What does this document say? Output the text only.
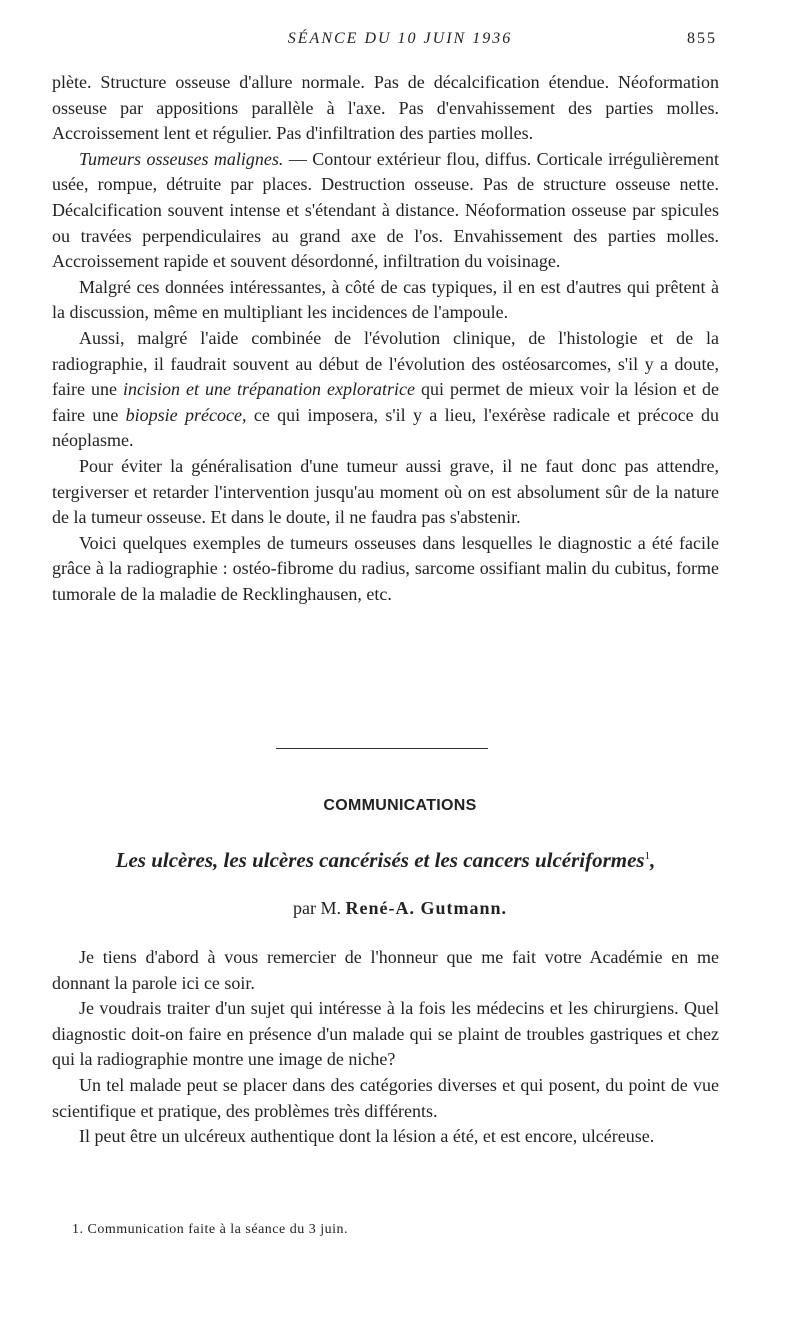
SÉANCE DU 10 JUIN 1936	855

plète. Structure osseuse d'allure normale. Pas de décalcification étendue. Néoformation osseuse par appositions parallèle à l'axe. Pas d'envahissement des parties molles. Accroissement lent et régulier. Pas d'infiltration des parties molles.

Tumeurs osseuses malignes. — Contour extérieur flou, diffus. Corticale irrégulièrement usée, rompue, détruite par places. Destruction osseuse. Pas de structure osseuse nette. Décalcification souvent intense et s'étendant à distance. Néoformation osseuse par spicules ou travées perpendiculaires au grand axe de l'os. Envahissement des parties molles. Accroissement rapide et souvent désordonné, infiltration du voisinage.

Malgré ces données intéressantes, à côté de cas typiques, il en est d'autres qui prêtent à la discussion, même en multipliant les incidences de l'ampoule.

Aussi, malgré l'aide combinée de l'évolution clinique, de l'histologie et de la radiographie, il faudrait souvent au début de l'évolution des ostéosarcomes, s'il y a doute, faire une incision et une trépanation exploratrice qui permet de mieux voir la lésion et de faire une biopsie précoce, ce qui imposera, s'il y a lieu, l'exérèse radicale et précoce du néoplasme.

Pour éviter la généralisation d'une tumeur aussi grave, il ne faut donc pas attendre, tergiverser et retarder l'intervention jusqu'au moment où on est absolument sûr de la nature de la tumeur osseuse. Et dans le doute, il ne faudra pas s'abstenir.

Voici quelques exemples de tumeurs osseuses dans lesquelles le diagnostic a été facile grâce à la radiographie : ostéo-fibrome du radius, sarcome ossifiant malin du cubitus, forme tumorale de la maladie de Recklinghausen, etc.

COMMUNICATIONS
Les ulcères, les ulcères cancérisés et les cancers ulcériformes$^1$,
par M. René-A. Gutmann.

Je tiens d'abord à vous remercier de l'honneur que me fait votre Académie en me donnant la parole ici ce soir.

Je voudrais traiter d'un sujet qui intéresse à la fois les médecins et les chirurgiens. Quel diagnostic doit-on faire en présence d'un malade qui se plaint de troubles gastriques et chez qui la radiographie montre une image de niche?

Un tel malade peut se placer dans des catégories diverses et qui posent, du point de vue scientifique et pratique, des problèmes très différents.

Il peut être un ulcéreux authentique dont la lésion a été, et est encore, ulcéreuse.

1. Communication faite à la séance du 3 juin.
